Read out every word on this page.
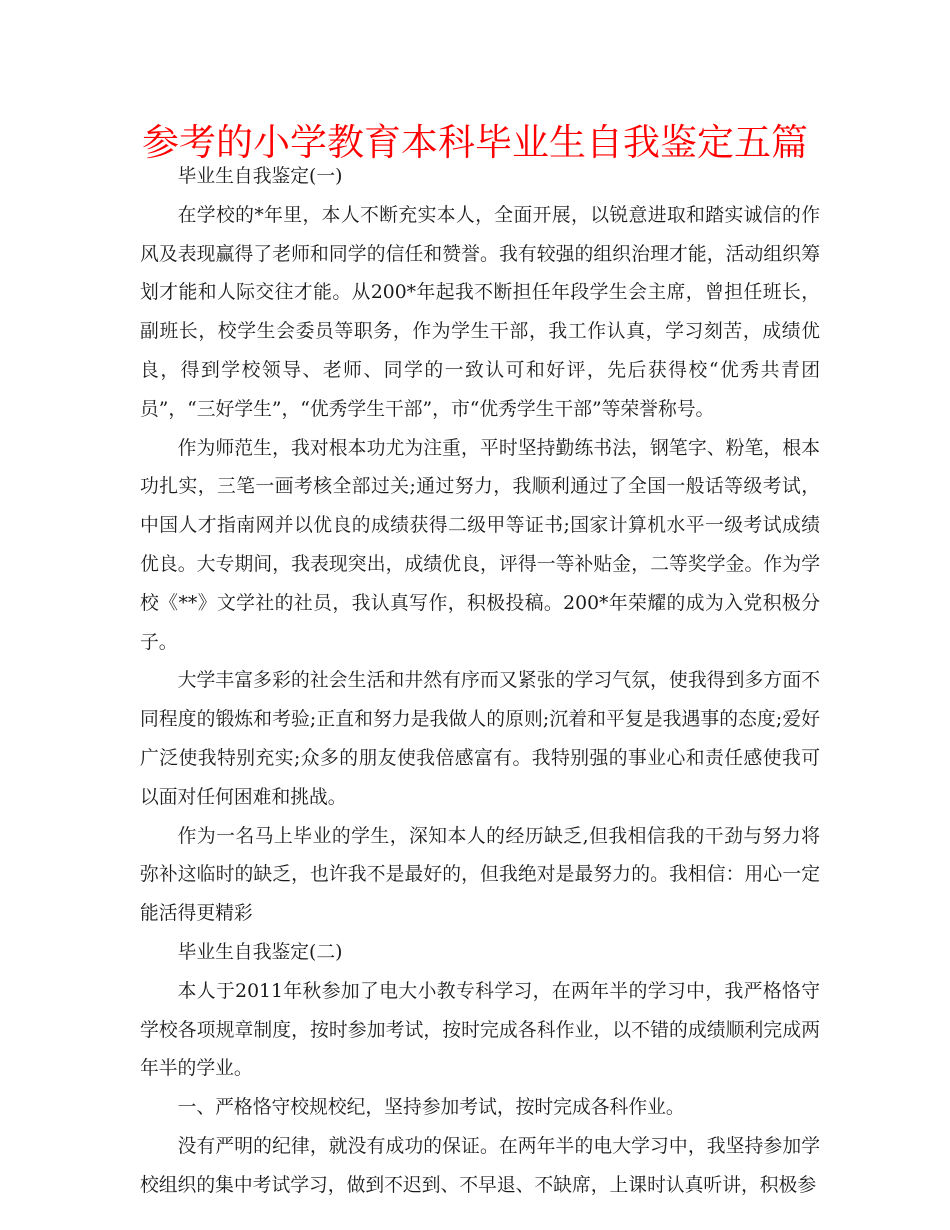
参考的小学教育本科毕业生自我鉴定五篇

毕业生自我鉴定(一)

在学校的*年里，本人不断充实本人，全面开展，以锐意进取和踏实诚信的作风及表现赢得了老师和同学的信任和赞誉。我有较强的组织治理才能，活动组织筹划才能和人际交往才能。从200*年起我不断担任年段学生会主席，曾担任班长，副班长，校学生会委员等职务，作为学生干部，我工作认真，学习刻苦，成绩优良，得到学校领导、老师、同学的一致认可和好评，先后获得校“优秀共青团员”，“三好学生”，“优秀学生干部”，市“优秀学生干部”等荣誉称号。

作为师范生，我对根本功尤为注重，平时坚持勤练书法，钢笔字、粉笔，根本功扎实，三笔一画考核全部过关;通过努力，我顺利通过了全国一般话等级考试，中国人才指南网并以优良的成绩获得二级甲等证书;国家计算机水平一级考试成绩优良。大专期间，我表现突出，成绩优良，评得一等补贴金，二等奖学金。作为学校《**》文学社的社员，我认真写作，积极投稿。200*年荣耀的成为入党积极分子。

大学丰富多彩的社会生活和井然有序而又紧张的学习气氛，使我得到多方面不同程度的锻炼和考验;正直和努力是我做人的原则;沉着和平复是我遇事的态度;爱好广泛使我特别充实;众多的朋友使我倍感富有。我特别强的事业心和责任感使我可以面对任何困难和挑战。

作为一名马上毕业的学生，深知本人的经历缺乏,但我相信我的干劲与努力将弥补这临时的缺乏，也许我不是最好的，但我绝对是最努力的。我相信：用心一定能活得更精彩

毕业生自我鉴定(二)

本人于2011年秋参加了电大小教专科学习，在两年半的学习中，我严格恪守学校各项规章制度，按时参加考试，按时完成各科作业，以不错的成绩顺利完成两年半的学业。

一、严格恪守校规校纪，坚持参加考试，按时完成各科作业。

没有严明的纪律，就没有成功的保证。在两年半的电大学习中，我坚持参加学校组织的集中考试学习，做到不迟到、不早退、不缺席，上课时认真听讲，积极参
